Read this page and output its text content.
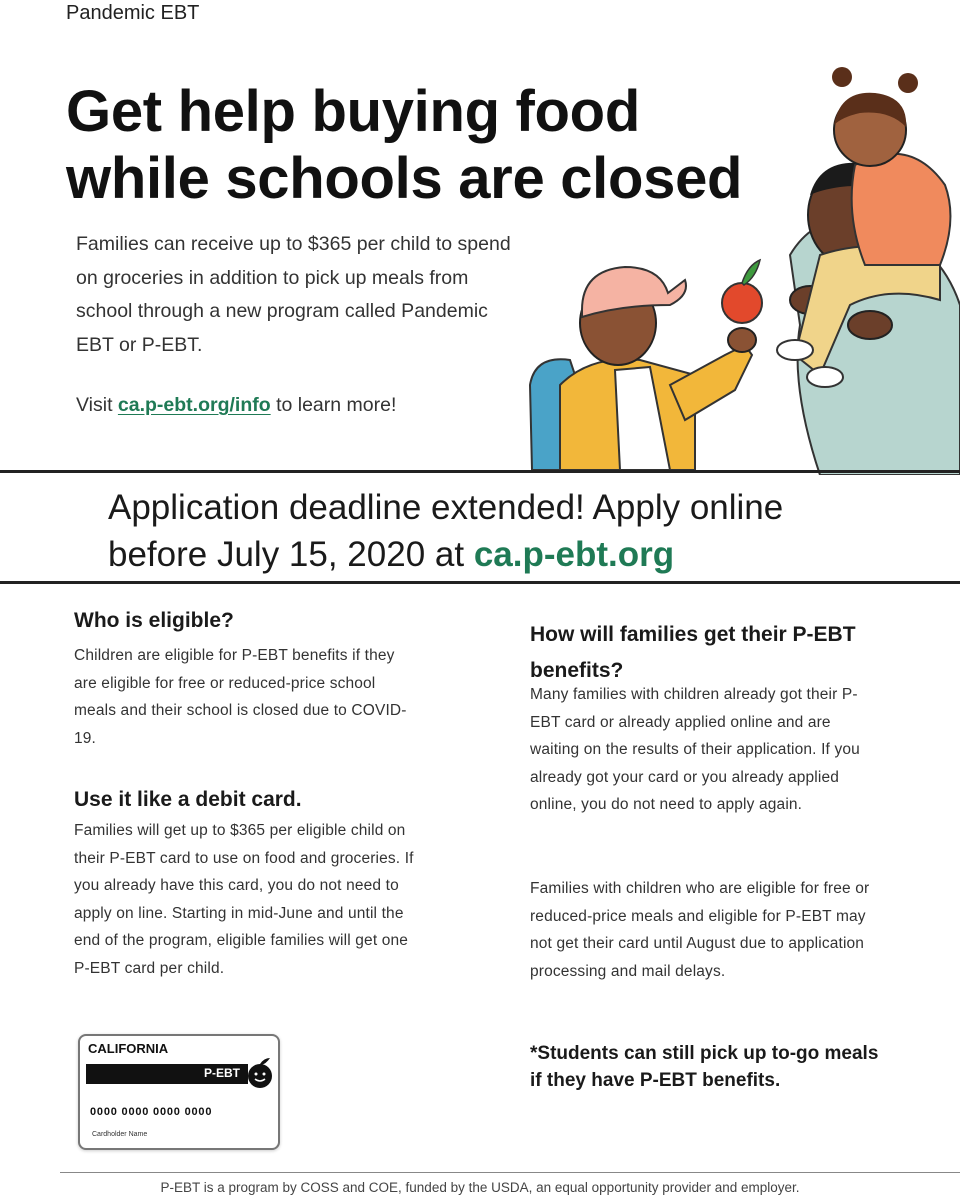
Pandemic EBT
Get help buying food
while schools are closed
Families can receive up to $365 per child to spend on groceries in addition to pick up meals from school through a new program called Pandemic EBT or P-EBT.
Visit ca.p-ebt.org/info to learn more!
Application deadline extended! Apply online
before July 15, 2020 at ca.p-ebt.org
Who is eligible?
Children are eligible for P-EBT benefits if they are eligible for free or reduced-price school meals and their school is closed due to COVID-19.
Use it like a debit card.
Families will get up to $365 per eligible child on their P-EBT card to use on food and groceries. If you already have this card, you do not need to apply on line. Starting in mid-June and until the end of the program, eligible families will get one P-EBT card per child.
CALIFORNIA
P-EBT
0000 0000 0000 0000
Cardholder Name
How will families get their P-EBT benefits?
Many families with children already got their P-EBT card or already applied online and are waiting on the results of their application. If you already got your card or you already applied online, you do not need to apply again.
Families with children who are eligible for free or reduced-price meals and eligible for P-EBT may not get their card until August due to application processing and mail delays.
*Students can still pick up to-go meals if they have P-EBT benefits.
P-EBT is a program by COSS and COE, funded by the USDA, an equal opportunity provider and employer.
